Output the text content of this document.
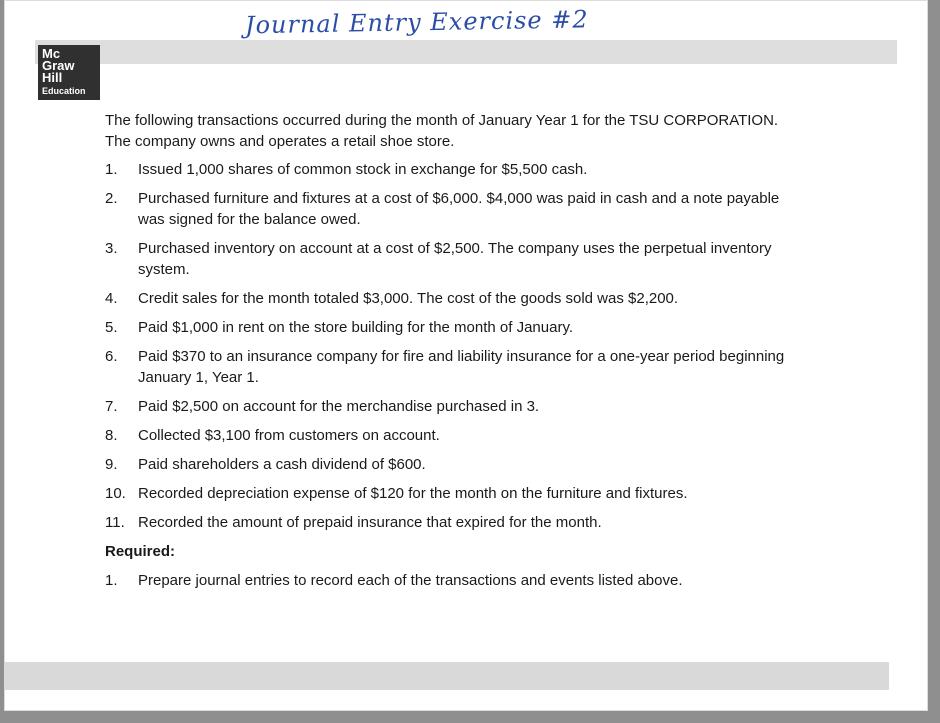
Journal Entry Exercise #2
Mc
Graw
Hill
Education

The following transactions occurred during the month of January Year 1 for the TSU CORPORATION. The company owns and operates a retail shoe store.

1. Issued 1,000 shares of common stock in exchange for $5,500 cash.
2. Purchased furniture and fixtures at a cost of $6,000. $4,000 was paid in cash and a note payable was signed for the balance owed.
3. Purchased inventory on account at a cost of $2,500. The company uses the perpetual inventory system.
4. Credit sales for the month totaled $3,000. The cost of the goods sold was $2,200.
5. Paid $1,000 in rent on the store building for the month of January.
6. Paid $370 to an insurance company for fire and liability insurance for a one-year period beginning January 1, Year 1.
7. Paid $2,500 on account for the merchandise purchased in 3.
8. Collected $3,100 from customers on account.
9. Paid shareholders a cash dividend of $600.
10. Recorded depreciation expense of $120 for the month on the furniture and fixtures.
11. Recorded the amount of prepaid insurance that expired for the month.

Required:

1. Prepare journal entries to record each of the transactions and events listed above.
